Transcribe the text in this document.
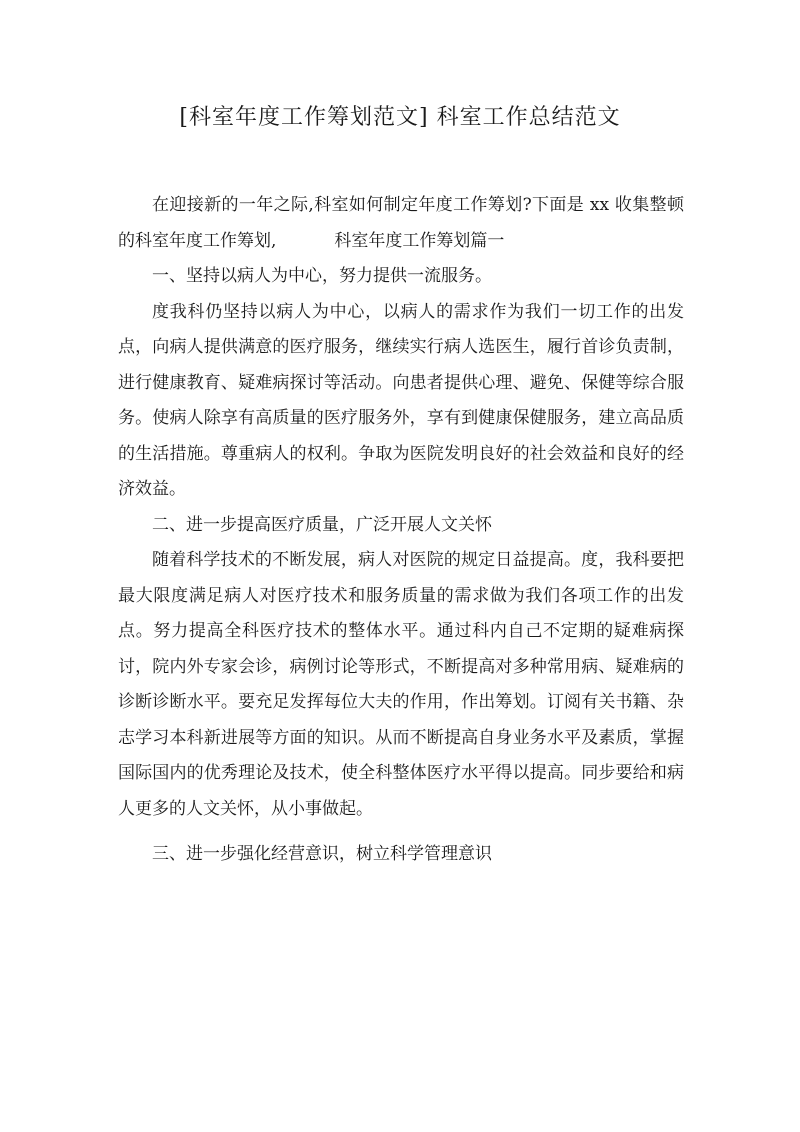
[科室年度工作筹划范文] 科室工作总结范文

在迎接新的一年之际,科室如何制定年度工作筹划?下面是 xx 收集整顿的科室年度工作筹划,	科室年度工作筹划篇一

一、坚持以病人为中心，努力提供一流服务。

度我科仍坚持以病人为中心，以病人的需求作为我们一切工作的出发点，向病人提供满意的医疗服务，继续实行病人选医生，履行首诊负责制，进行健康教育、疑难病探讨等活动。向患者提供心理、避免、保健等综合服务。使病人除享有高质量的医疗服务外，享有到健康保健服务，建立高品质的生活措施。尊重病人的权利。争取为医院发明良好的社会效益和良好的经济效益。

二、进一步提高医疗质量，广泛开展人文关怀

随着科学技术的不断发展，病人对医院的规定日益提高。度，我科要把最大限度满足病人对医疗技术和服务质量的需求做为我们各项工作的出发点。努力提高全科医疗技术的整体水平。通过科内自己不定期的疑难病探讨，院内外专家会诊，病例讨论等形式，不断提高对多种常用病、疑难病的诊断诊断水平。要充足发挥每位大夫的作用，作出筹划。订阅有关书籍、杂志学习本科新进展等方面的知识。从而不断提高自身业务水平及素质，掌握国际国内的优秀理论及技术，使全科整体医疗水平得以提高。同步要给和病人更多的人文关怀，从小事做起。

三、进一步强化经营意识，树立科学管理意识
